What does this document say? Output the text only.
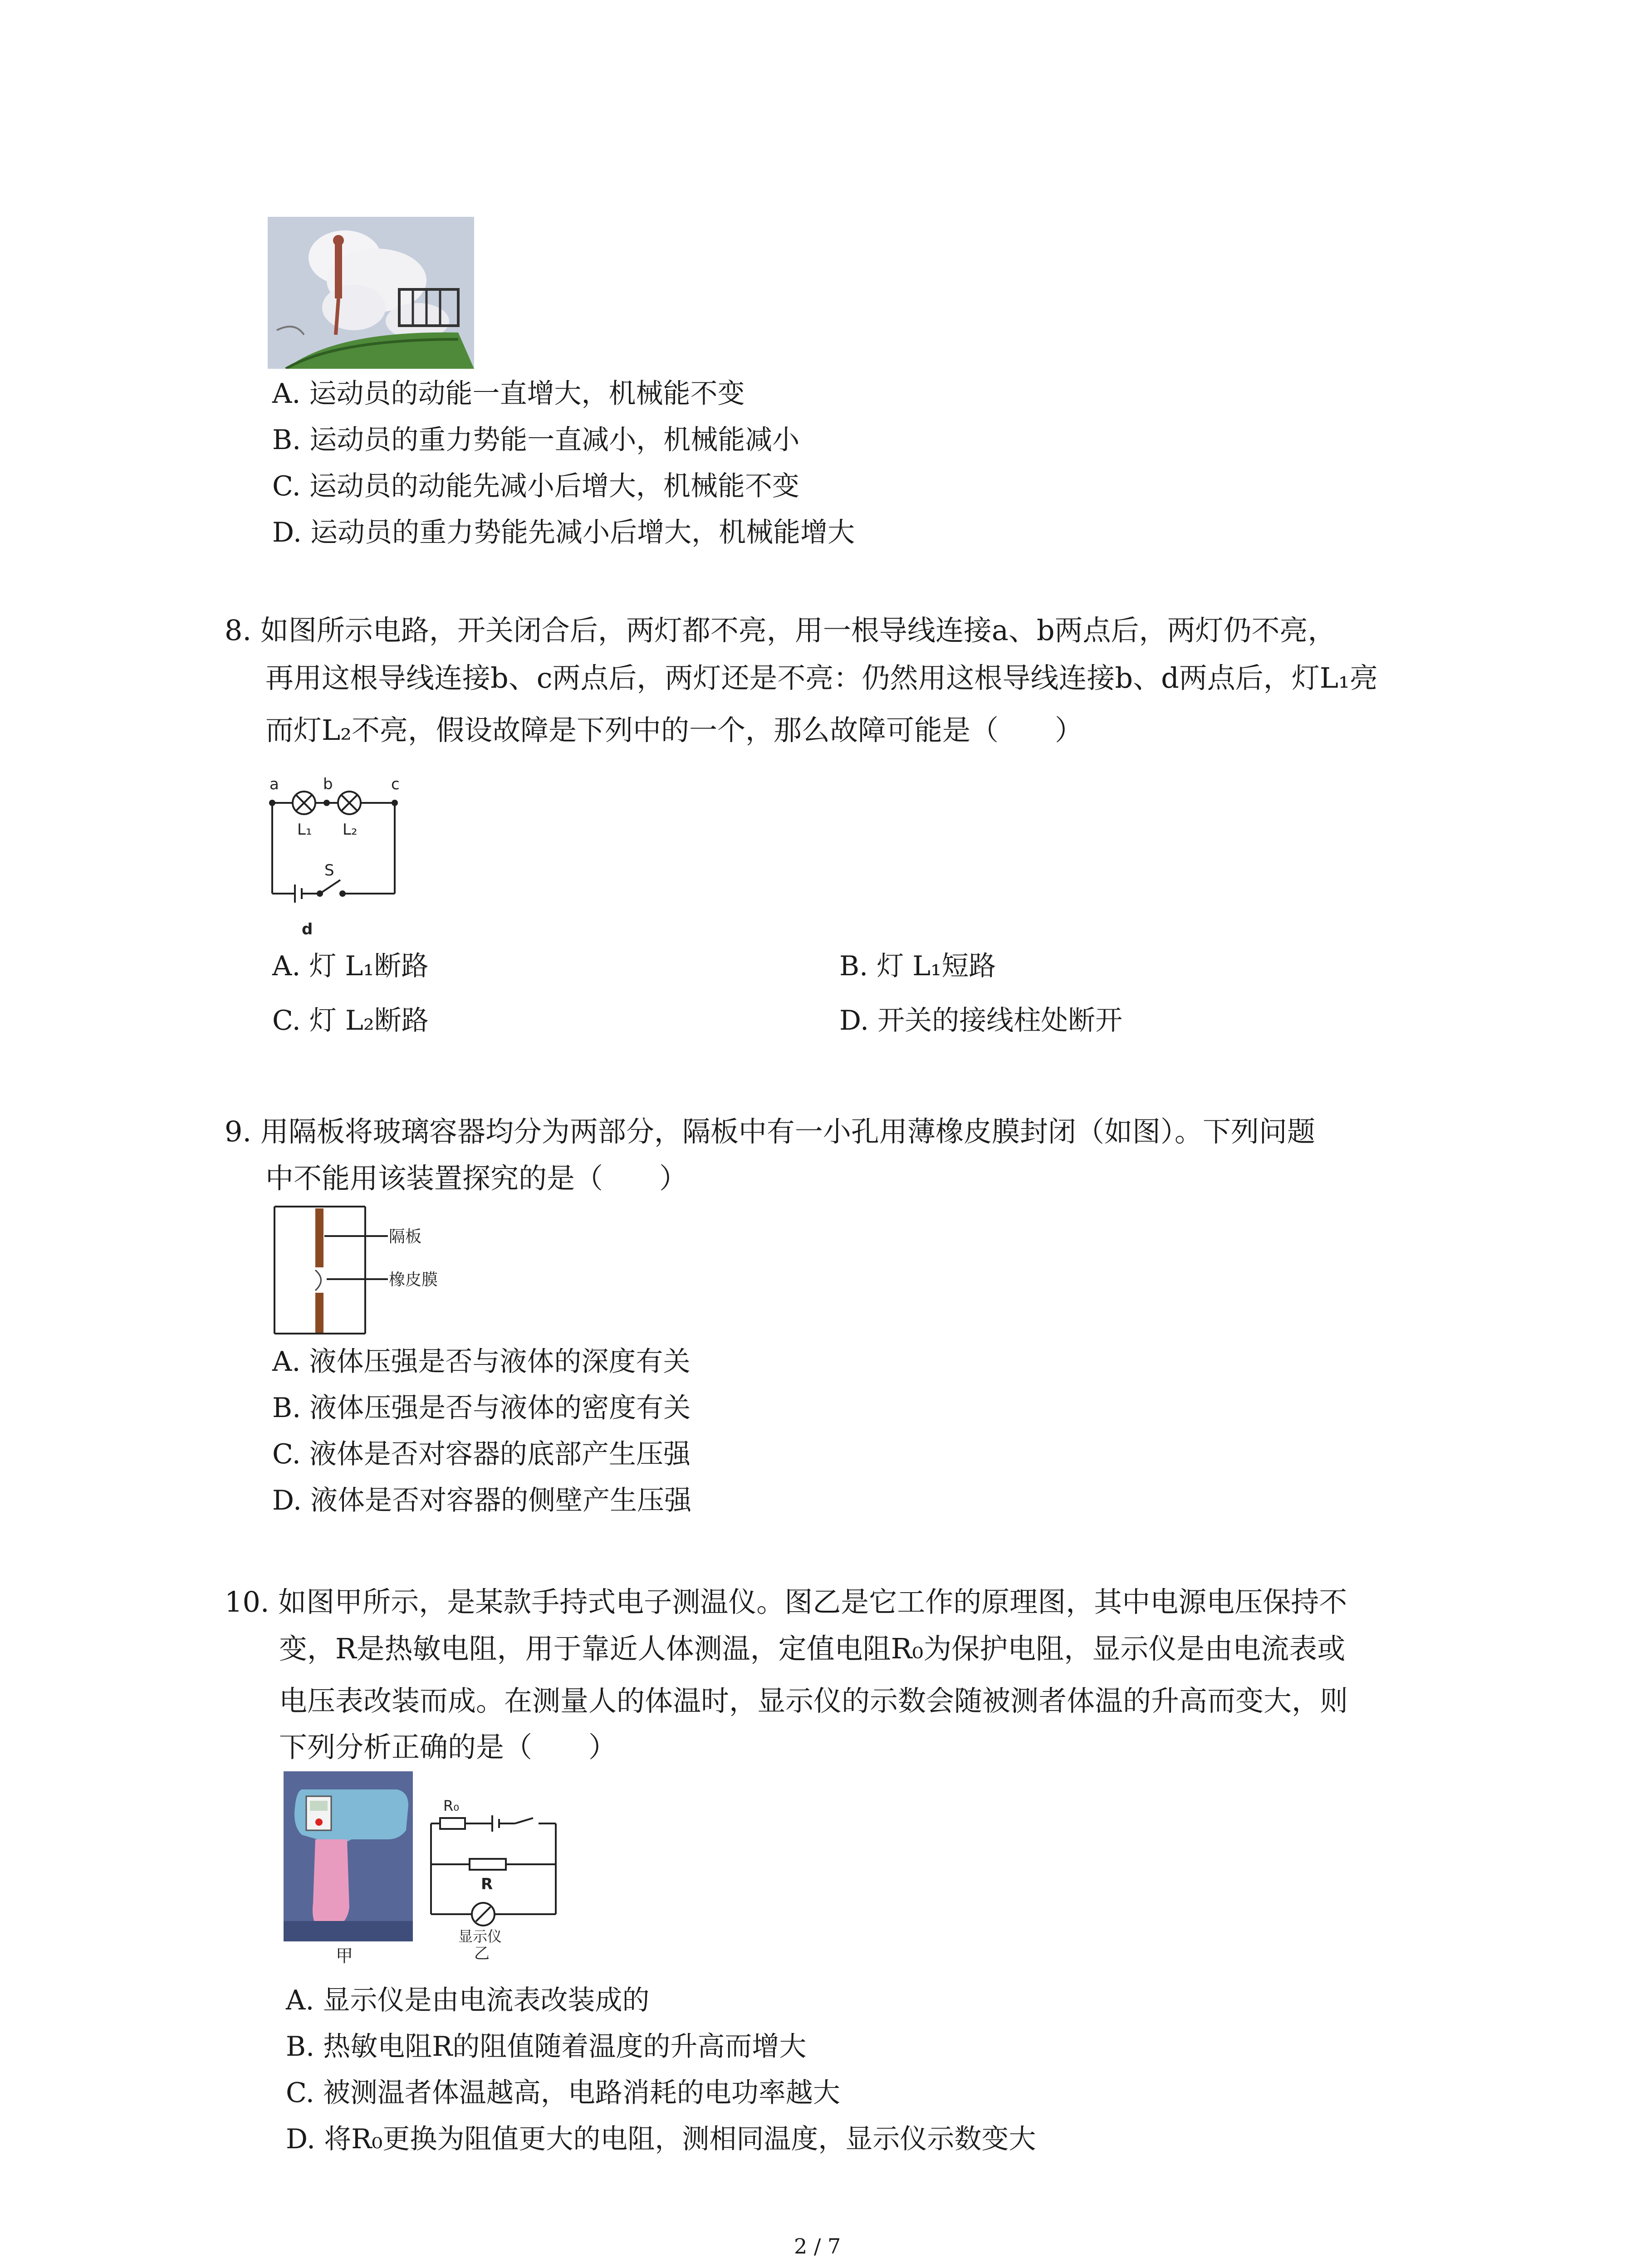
A. 运动员的动能一直增大，机械能不变
B. 运动员的重力势能一直减小，机械能减小
C. 运动员的动能先减小后增大，机械能不变
D. 运动员的重力势能先减小后增大，机械能增大
8. 如图所示电路，开关闭合后，两灯都不亮，用一根导线连接a、b两点后，两灯仍不亮，
再用这根导线连接b、c两点后，两灯还是不亮：仍然用这根导线连接b、d两点后，灯L₁亮
而灯L₂不亮，假设故障是下列中的一个，那么故障可能是（　　）
a	b	c
L₁ L₂
S
d
A. 灯 L₁断路	B. 灯 L₁短路
C. 灯 L₂断路	D. 开关的接线柱处断开
9. 用隔板将玻璃容器均分为两部分，隔板中有一小孔用薄橡皮膜封闭（如图）。下列问题
中不能用该装置探究的是（　　）
隔板
橡皮膜
A. 液体压强是否与液体的深度有关
B. 液体压强是否与液体的密度有关
C. 液体是否对容器的底部产生压强
D. 液体是否对容器的侧壁产生压强
10. 如图甲所示，是某款手持式电子测温仪。图乙是它工作的原理图，其中电源电压保持不
变，R是热敏电阻，用于靠近人体测温，定值电阻R₀为保护电阻，显示仪是由电流表或
电压表改装而成。在测量人的体温时，显示仪的示数会随被测者体温的升高而变大，则
下列分析正确的是（　　）
甲
R₀
R
显示仪
乙
A. 显示仪是由电流表改装成的
B. 热敏电阻R的阻值随着温度的升高而增大
C. 被测温者体温越高，电路消耗的电功率越大
D. 将R₀更换为阻值更大的电阻，测相同温度，显示仪示数变大
2 / 7
